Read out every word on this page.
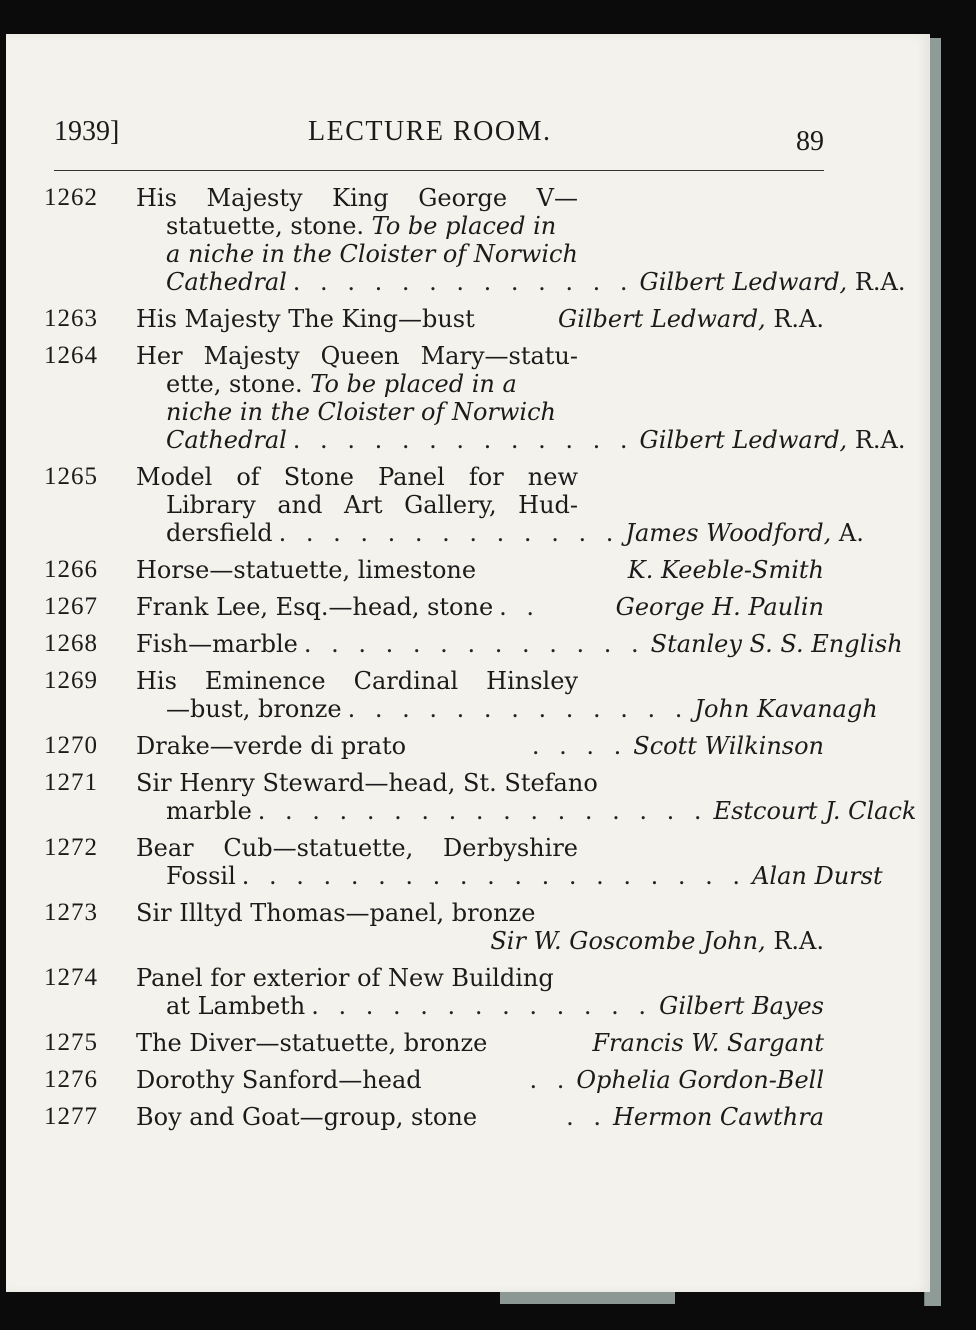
1939]	LECTURE ROOM.	89
1262	His Majesty King George V—
statuette, stone. To be placed in
a niche in the Cloister of Norwich
Cathedral . . . . . . . . . . . . . Gilbert Ledward, R.A.
1263	His Majesty The King—bust	Gilbert Ledward, R.A.
1264	Her Majesty Queen Mary—statu-
ette, stone. To be placed in a
niche in the Cloister of Norwich
Cathedral . . . . . . . . . . . . . Gilbert Ledward, R.A.
1265	Model of Stone Panel for new
Library and Art Gallery, Hud-
dersfield . . . . . . . . . . . . . James Woodford, A.
1266	Horse—statuette, limestone	K. Keeble-Smith
1267	Frank Lee, Esq.—head, stone . .	George H. Paulin
1268	Fish—marble . . . . . . . . . . . . . Stanley S. S. English
1269	His Eminence Cardinal Hinsley
—bust, bronze . . . . . . . . . . . . . John Kavanagh
1270	Drake—verde di prato	. . . . Scott Wilkinson
1271	Sir Henry Steward—head, St. Stefano
marble . . . . . . . . . . . . . . . . . Estcourt J. Clack
1272	Bear Cub—statuette, Derbyshire
Fossil . . . . . . . . . . . . . . . . . . . Alan Durst
1273	Sir Illtyd Thomas—panel, bronze
Sir W. Goscombe John, R.A.
1274	Panel for exterior of New Building
at Lambeth . . . . . . . . . . . . . Gilbert Bayes
1275	The Diver—statuette, bronze	Francis W. Sargant
1276	Dorothy Sanford—head	. . Ophelia Gordon-Bell
1277	Boy and Goat—group, stone	. . Hermon Cawthra
